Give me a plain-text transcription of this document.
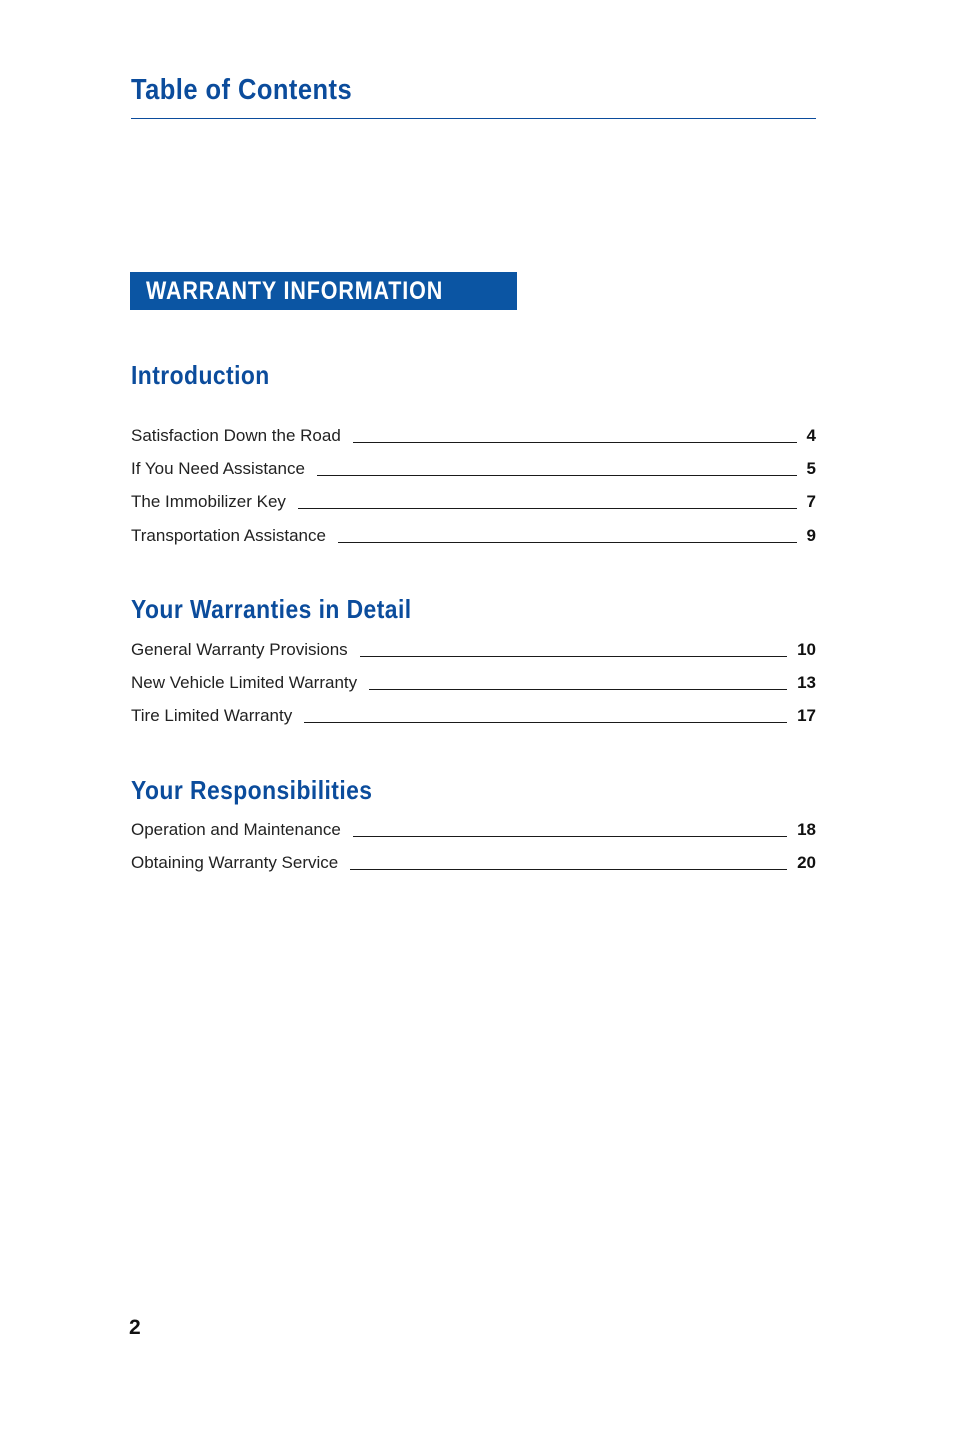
Table of Contents
WARRANTY INFORMATION
Introduction
Satisfaction Down the Road	4
If You Need Assistance	5
The Immobilizer Key	7
Transportation Assistance	9
Your Warranties in Detail
General Warranty Provisions	10
New Vehicle Limited Warranty	13
Tire Limited Warranty	17
Your Responsibilities
Operation and Maintenance	18
Obtaining Warranty Service	20
2
